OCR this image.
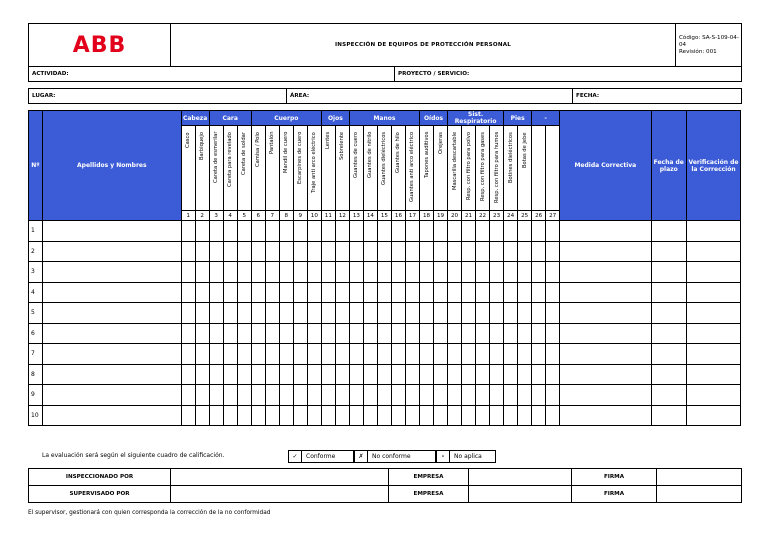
ABB	INSPECCIÓN DE EQUIPOS DE PROTECCIÓN PERSONAL	
Código: SA-S-109-04-04
Revisión: 001
ACTIVIDAD:	PROYECTO / SERVICIO:
LUGAR:	ÁREA:	FECHA:
Nº	Apellidos y Nombres	Cabeza		Cara			Cuerpo					Ojos		Manos					Oídos		Sist. Respiratorio				Pies		-		Medida Correctiva	Fecha de plazo	Verificación de la Corrección

		Casco	Barbiquejo	Careta de esmerilar	Careta para revelado	Careta de soldar	Camisa / Polo	Pantalón	Mandil de cuero	Escarpines de cuero	Traje anti arco eléctrico	Lentes	Sobrelente	Guantes de cuero	Guantes de nitrilo	Guantes dieléctricos	Guantes de hilo	Guantes anti arco eléctrico	Tapones auditivos	Orejeras	Mascarilla descartable	Resp. con filtro para polvo	Resp. con filtro para gases	Resp. con filtro para humos	Botines dieléctricos	Botas de jebe					

		1	2	3	4	5	6	7	8	9	10	11	12	13	14	15	16	17	18	19	20	21	22	23	24	25	26	27			
1																															
2																															
3																															
4																															
5																															
6																															
7																															
8																															
9																															
10																															
La evaluación será según el siguiente cuadro de calificación.	✓	Conforme	✗	No conforme	-	No aplica
INSPECCIONADO POR		EMPRESA		FIRMA	
SUPERVISADO POR		EMPRESA		FIRMA	
El supervisor, gestionará con quien corresponda la corrección de la no conformidad
